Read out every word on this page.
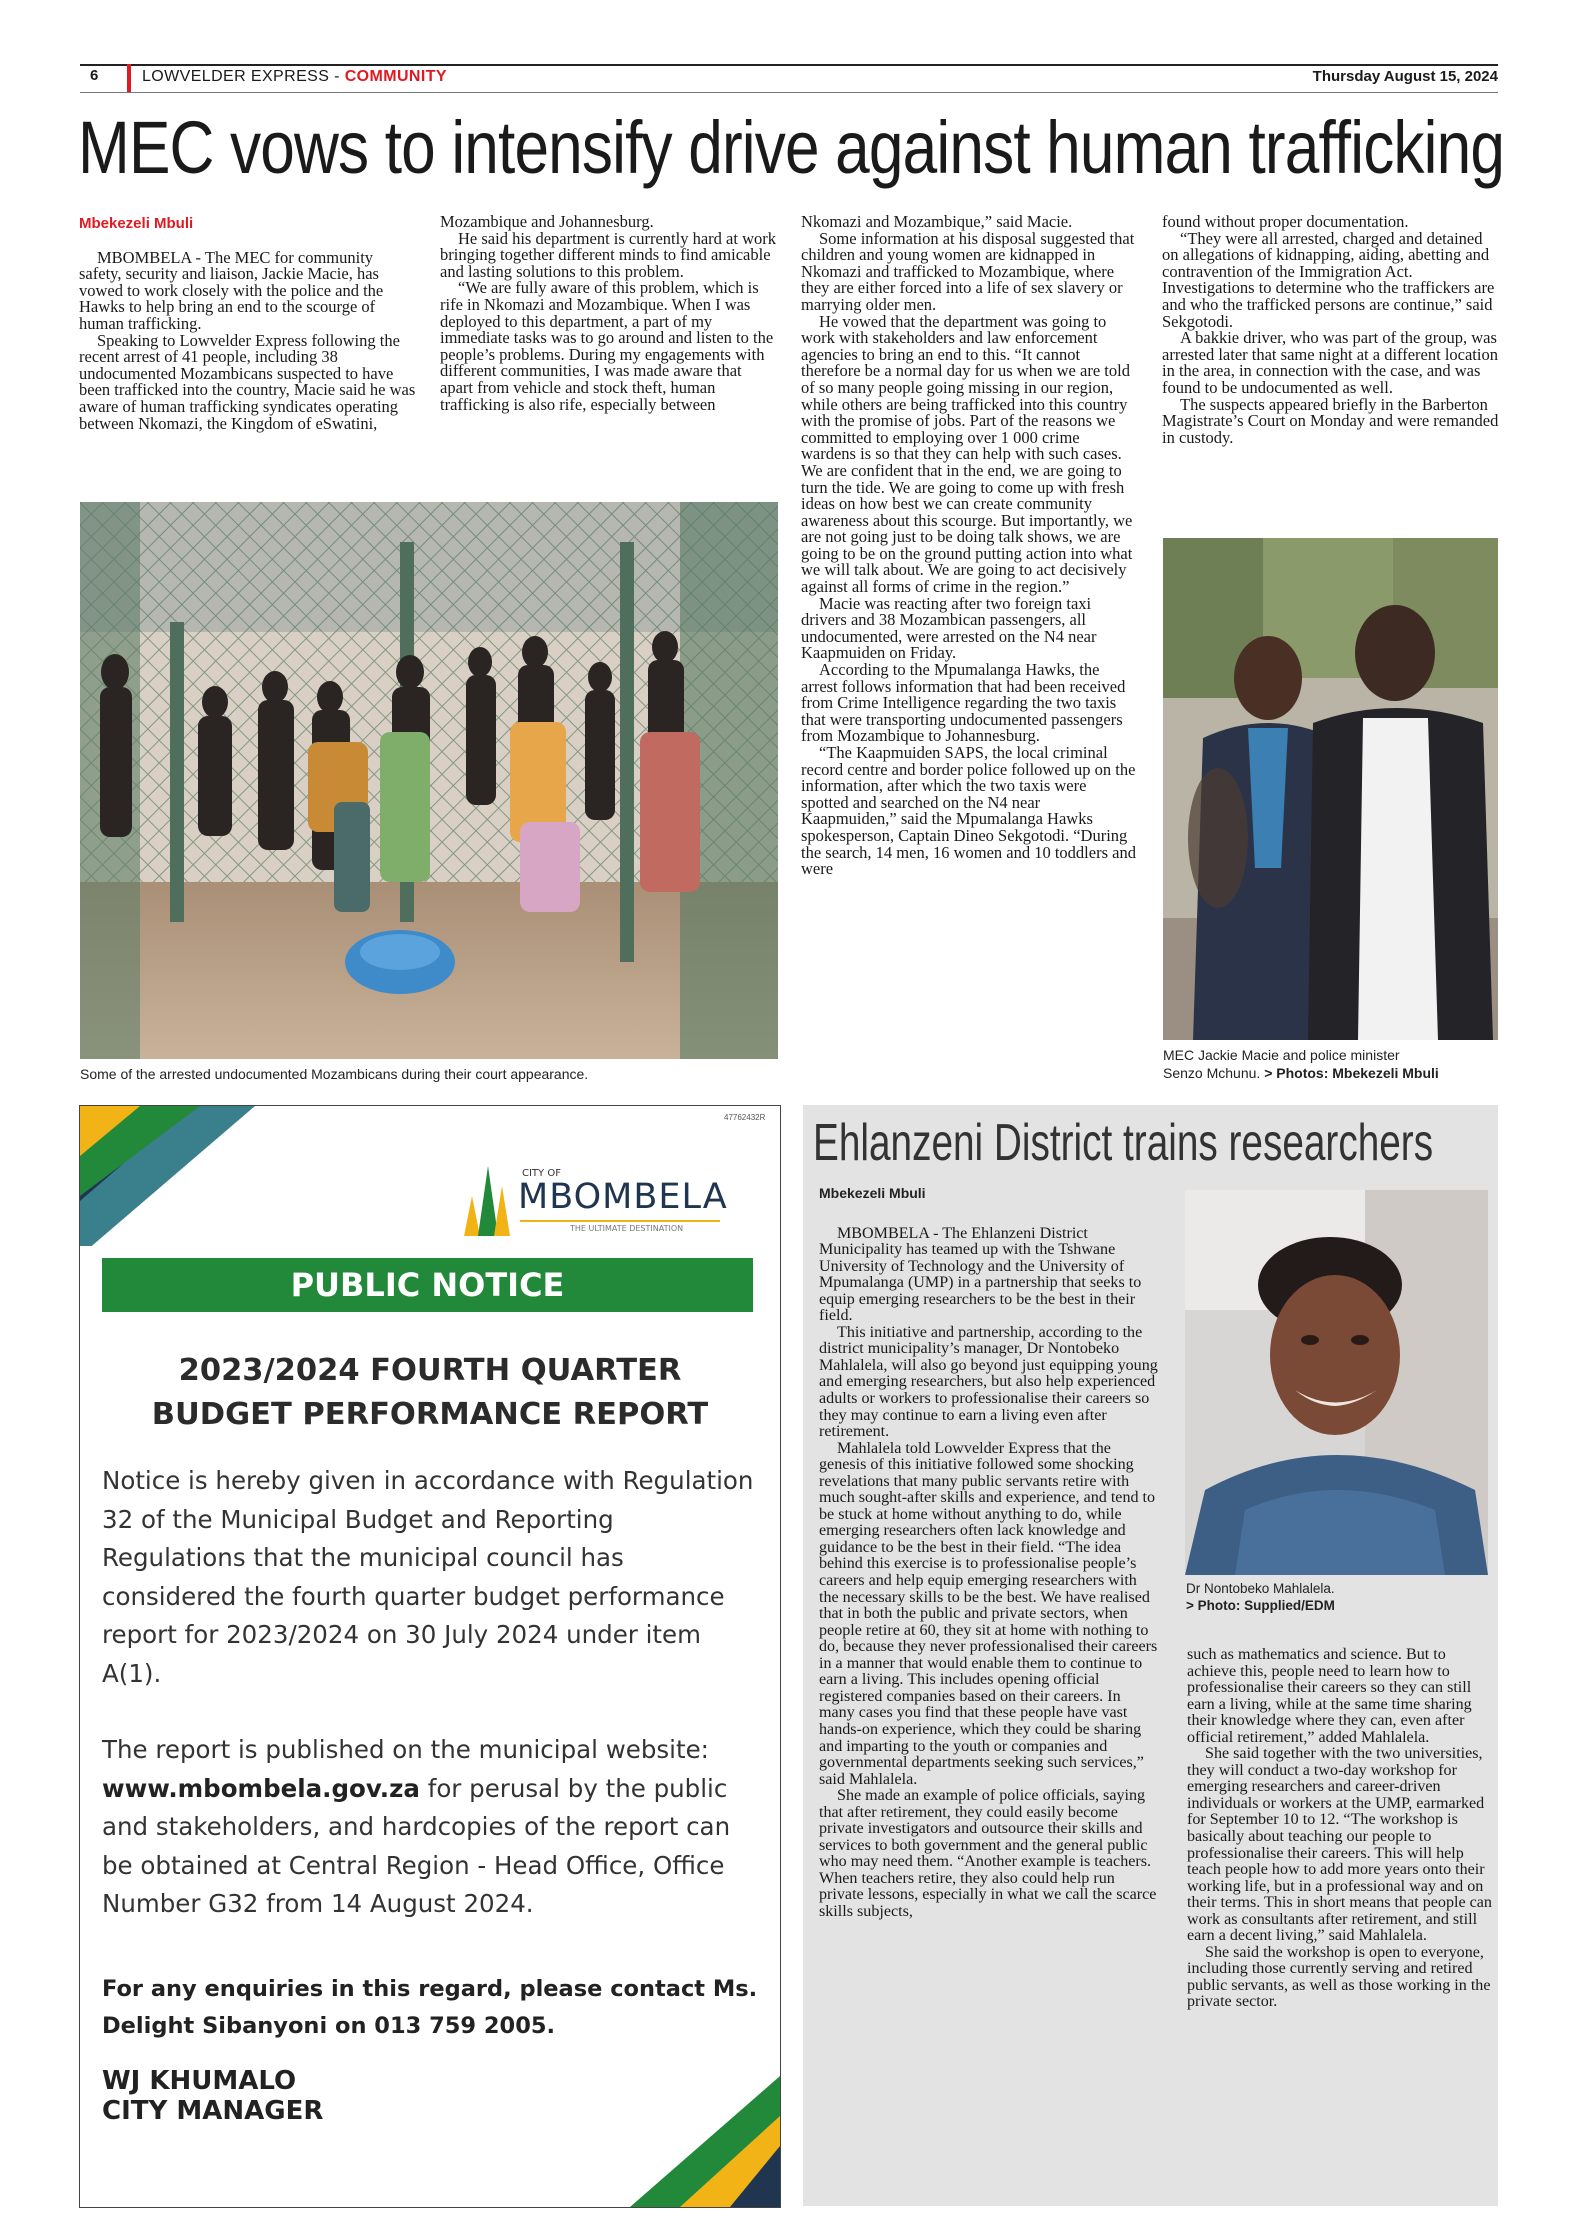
6	LOWVELDER EXPRESS - COMMUNITY	Thursday August 15, 2024
MEC vows to intensify drive against human trafficking
Mbekezeli Mbuli

MBOMBELA - The MEC for community safety, security and liaison, Jackie Macie, has vowed to work closely with the police and the Hawks to help bring an end to the scourge of human trafficking.

Speaking to Lowvelder Express following the recent arrest of 41 people, including 38 undocumented Mozambicans suspected to have been trafficked into the country, Macie said he was aware of human trafficking syndicates operating between Nkomazi, the Kingdom of eSwatini,

Mozambique and Johannesburg.

He said his department is currently hard at work bringing together different minds to find amicable and lasting solutions to this problem.

“We are fully aware of this problem, which is rife in Nkomazi and Mozambique. When I was deployed to this department, a part of my immediate tasks was to go around and listen to the people’s problems. During my engagements with different communities, I was made aware that apart from vehicle and stock theft, human trafficking is also rife, especially between

Nkomazi and Mozambique,” said Macie.

Some information at his disposal suggested that children and young women are kidnapped in Nkomazi and trafficked to Mozambique, where they are either forced into a life of sex slavery or marrying older men.

He vowed that the department was going to work with stakeholders and law enforcement agencies to bring an end to this. “It cannot therefore be a normal day for us when we are told of so many people going missing in our region, while others are being trafficked into this country with the promise of jobs. Part of the reasons we committed to employing over 1 000 crime wardens is so that they can help with such cases. We are confident that in the end, we are going to turn the tide. We are going to come up with fresh ideas on how best we can create community awareness about this scourge. But importantly, we are not going just to be doing talk shows, we are going to be on the ground putting action into what we will talk about. We are going to act decisively against all forms of crime in the region.”

Macie was reacting after two foreign taxi drivers and 38 Mozambican passengers, all undocumented, were arrested on the N4 near Kaapmuiden on Friday.

According to the Mpumalanga Hawks, the arrest follows information that had been received from Crime Intelligence regarding the two taxis that were transporting undocumented passengers from Mozambique to Johannesburg.

“The Kaapmuiden SAPS, the local criminal record centre and border police followed up on the information, after which the two taxis were spotted and searched on the N4 near Kaapmuiden,” said the Mpumalanga Hawks spokesperson, Captain Dineo Sekgotodi. “During the search, 14 men, 16 women and 10 toddlers and were

found without proper documentation.

“They were all arrested, charged and detained on allegations of kidnapping, aiding, abetting and contravention of the Immigration Act. Investigations to determine who the traffickers are and who the trafficked persons are continue,” said Sekgotodi.

A bakkie driver, who was part of the group, was arrested later that same night at a different location in the area, in connection with the case, and was found to be undocumented as well.

The suspects appeared briefly in the Barberton Magistrate’s Court on Monday and were remanded in custody.

Some of the arrested undocumented Mozambicans during their court appearance.
MEC Jackie Macie and police minister
Senzo Mchunu. > Photos: Mbekezeli Mbuli
47762432R
CITY OF
MBOMBELA
THE ULTIMATE DESTINATION
PUBLIC NOTICE
2023/2024 FOURTH QUARTER
BUDGET PERFORMANCE REPORT
Notice is hereby given in accordance with Regulation 32 of the Municipal Budget and Reporting Regulations that the municipal council has considered the fourth quarter budget performance report for 2023/2024 on 30 July 2024 under item A(1).
The report is published on the municipal website: www.mbombela.gov.za for perusal by the public and stakeholders, and hardcopies of the report can be obtained at Central Region - Head Office, Office Number G32 from 14 August 2024.
For any enquiries in this regard, please contact Ms. Delight Sibanyoni on 013 759 2005.
WJ KHUMALO
CITY MANAGER
Ehlanzeni District trains researchers
Mbekezeli Mbuli

MBOMBELA - The Ehlanzeni District Municipality has teamed up with the Tshwane University of Technology and the University of Mpumalanga (UMP) in a partnership that seeks to equip emerging researchers to be the best in their field.

This initiative and partnership, according to the district municipality’s manager, Dr Nontobeko Mahlalela, will also go beyond just equipping young and emerging researchers, but also help experienced adults or workers to professionalise their careers so they may continue to earn a living even after retirement.

Mahlalela told Lowvelder Express that the genesis of this initiative followed some shocking revelations that many public servants retire with much sought-after skills and experience, and tend to be stuck at home without anything to do, while emerging researchers often lack knowledge and guidance to be the best in their field. “The idea behind this exercise is to professionalise people’s careers and help equip emerging researchers with the necessary skills to be the best. We have realised that in both the public and private sectors, when people retire at 60, they sit at home with nothing to do, because they never professionalised their careers in a manner that would enable them to continue to earn a living. This includes opening official registered companies based on their careers. In many cases you find that these people have vast hands-on experience, which they could be sharing and imparting to the youth or companies and governmental departments seeking such services,” said Mahlalela.

She made an example of police officials, saying that after retirement, they could easily become private investigators and outsource their skills and services to both government and the general public who may need them. “Another example is teachers. When teachers retire, they also could help run private lessons, especially in what we call the scarce skills subjects,

Dr Nontobeko Mahlalela.
> Photo: Supplied/EDM

such as mathematics and science. But to achieve this, people need to learn how to professionalise their careers so they can still earn a living, while at the same time sharing their knowledge where they can, even after official retirement,” added Mahlalela.

She said together with the two universities, they will conduct a two-day workshop for emerging researchers and career-driven individuals or workers at the UMP, earmarked for September 10 to 12. “The workshop is basically about teaching our people to professionalise their careers. This will help teach people how to add more years onto their working life, but in a professional way and on their terms. This in short means that people can work as consultants after retirement, and still earn a decent living,” said Mahlalela.

She said the workshop is open to everyone, including those currently serving and retired public servants, as well as those working in the private sector.
